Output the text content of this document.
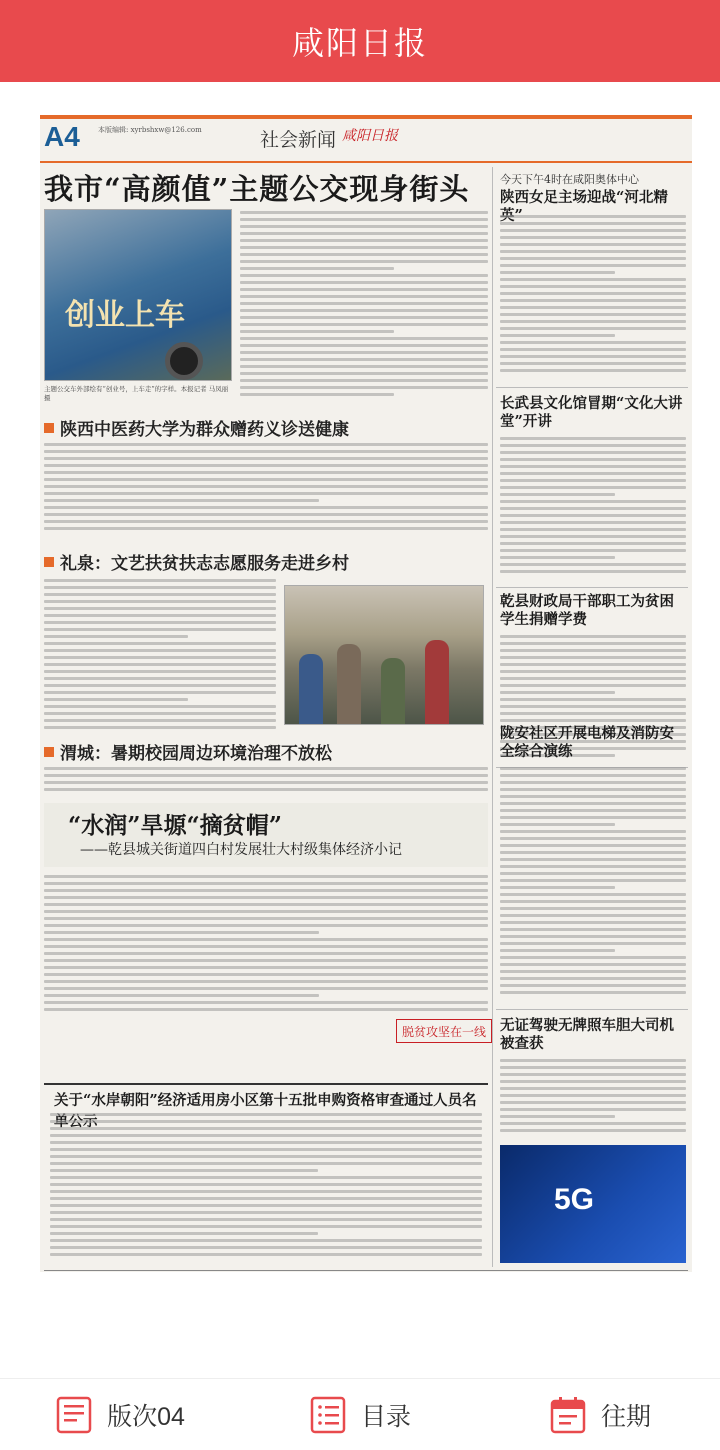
咸阳日报
A4	本版编辑: xyrbshxw@126.com	社会新闻 咸阳日报
我市“高颜值”主题公交现身街头
创业上车
主题公交车外部绘有“创业号，上车走”的字样。本报记者 马凤丽 摄
陕西中医药大学为群众赠药义诊送健康
礼泉：文艺扶贫扶志志愿服务走进乡村
渭城：暑期校园周边环境治理不放松
“水润”旱塬“摘贫帽”
——乾县城关街道四白村发展壮大村级集体经济小记
脱贫攻坚在一线
关于“水岸朝阳”经济适用房小区第十五批申购资格审查通过人员名
今天下午4时在咸阳奥体中心
陕西女足主场迎战“河北精
长武县文化馆冒期“文化大讲堂”开讲
乾县财政局干部职工为贫困学生捐赠学费
陇安社区开展电梯及消防安全综合演练
无证驾驶无牌照车胆大司机被查获
5G
版次04	目录	往期
